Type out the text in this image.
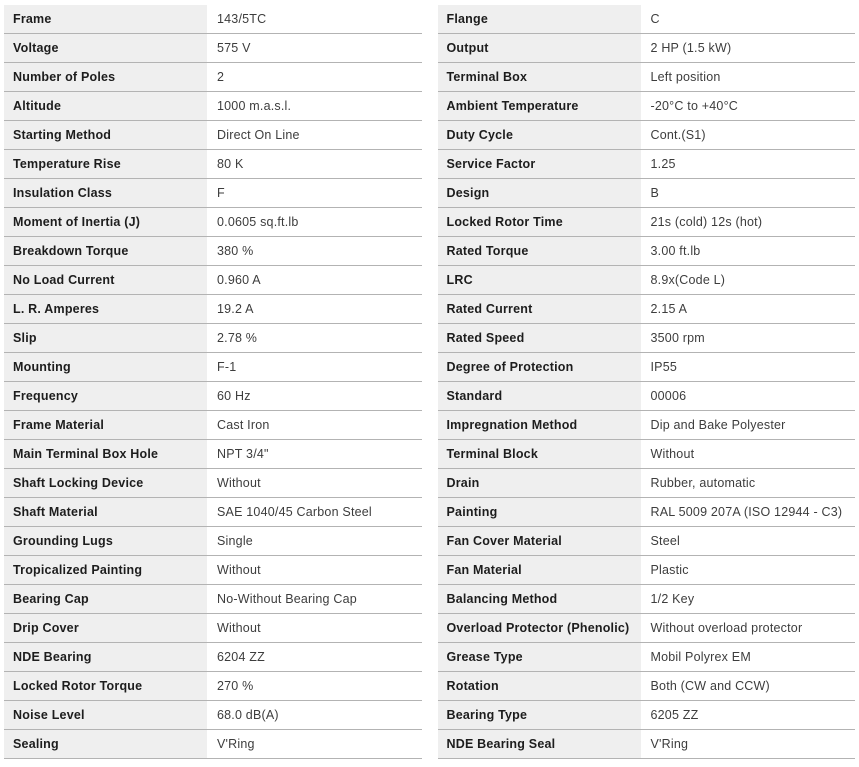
Frame	143/5TC
Voltage	575 V
Number of Poles	2
Altitude	1000 m.a.s.l.
Starting Method	Direct On Line
Temperature Rise	80 K
Insulation Class	F
Moment of Inertia (J)	0.0605 sq.ft.lb
Breakdown Torque	380 %
No Load Current	0.960 A
L. R. Amperes	19.2 A
Slip	2.78 %
Mounting	F-1
Frequency	60 Hz
Frame Material	Cast Iron
Main Terminal Box Hole	NPT 3/4"
Shaft Locking Device	Without
Shaft Material	SAE 1040/45 Carbon Steel
Grounding Lugs	Single
Tropicalized Painting	Without
Bearing Cap	No-Without Bearing Cap
Drip Cover	Without
NDE Bearing	6204 ZZ
Locked Rotor Torque	270 %
Noise Level	68.0 dB(A)
Sealing	V'Ring
Flange	C
Output	2 HP (1.5 kW)
Terminal Box	Left position
Ambient Temperature	-20°C to +40°C
Duty Cycle	Cont.(S1)
Service Factor	1.25
Design	B
Locked Rotor Time	21s (cold) 12s (hot)
Rated Torque	3.00 ft.lb
LRC	8.9x(Code L)
Rated Current	2.15 A
Rated Speed	3500 rpm
Degree of Protection	IP55
Standard	00006
Impregnation Method	Dip and Bake Polyester
Terminal Block	Without
Drain	Rubber, automatic
Painting	RAL 5009 207A (ISO 12944 - C3)
Fan Cover Material	Steel
Fan Material	Plastic
Balancing Method	1/2 Key
Overload Protector (Phenolic)	Without overload protector
Grease Type	Mobil Polyrex EM
Rotation	Both (CW and CCW)
Bearing Type	6205 ZZ
NDE Bearing Seal	V'Ring
